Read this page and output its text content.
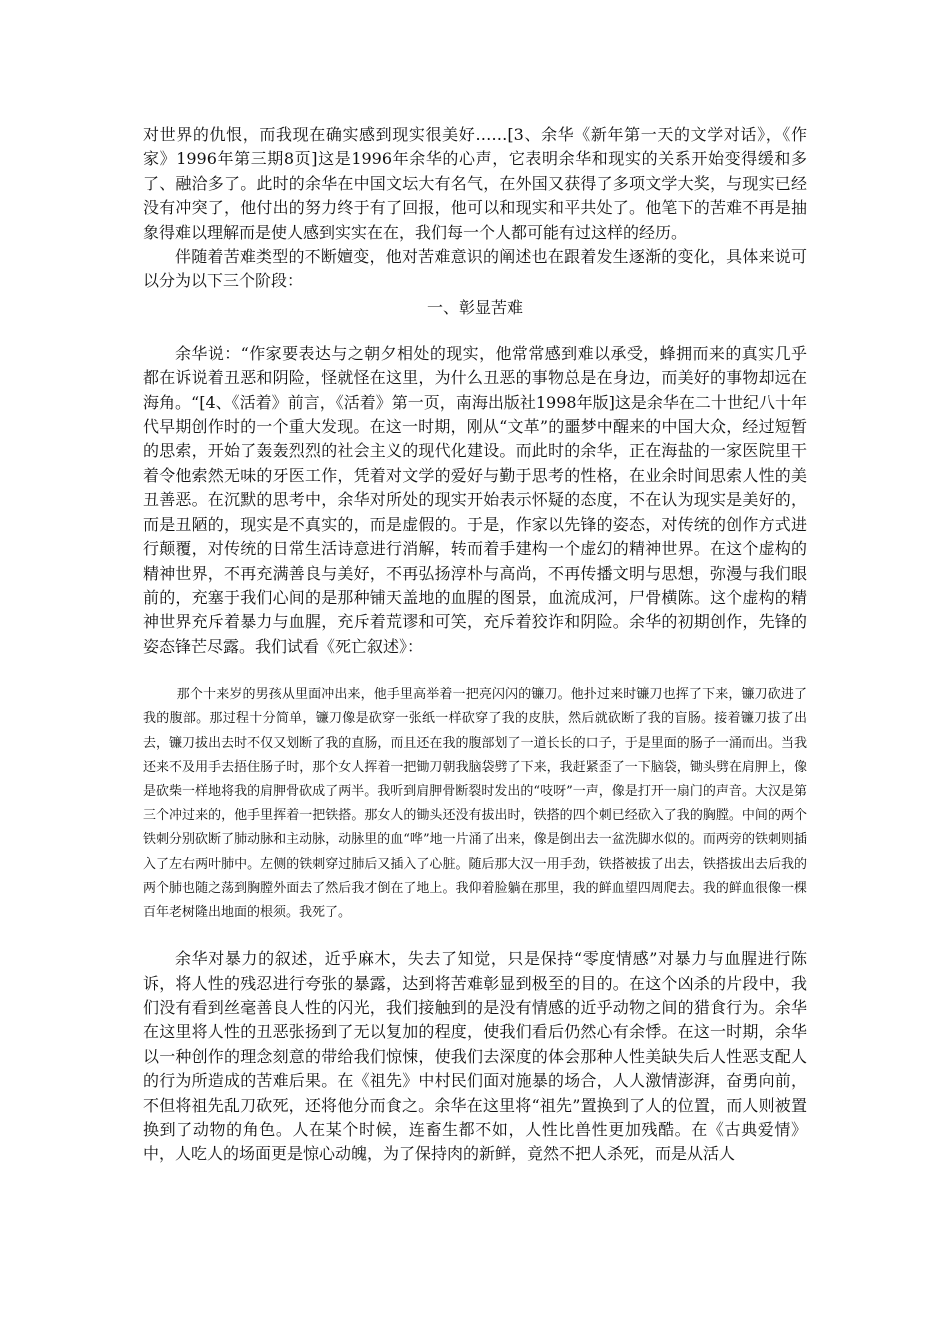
对世界的仇恨，而我现在确实感到现实很美好……[3、余华《新年第一天的文学对话》，《作家》1996年第三期8页]这是1996年余华的心声，它表明余华和现实的关系开始变得缓和多了、融洽多了。此时的余华在中国文坛大有名气，在外国又获得了多项文学大奖，与现实已经没有冲突了，他付出的努力终于有了回报，他可以和现实和平共处了。他笔下的苦难不再是抽象得难以理解而是使人感到实实在在，我们每一个人都可能有过这样的经历。

伴随着苦难类型的不断嬗变，他对苦难意识的阐述也在跟着发生逐渐的变化，具体来说可以分为以下三个阶段：

一、彰显苦难

余华说：“作家要表达与之朝夕相处的现实，他常常感到难以承受，蜂拥而来的真实几乎都在诉说着丑恶和阴险，怪就怪在这里，为什么丑恶的事物总是在身边，而美好的事物却远在海角。“[4、《活着》前言，《活着》第一页，南海出版社1998年版]这是余华在二十世纪八十年代早期创作时的一个重大发现。在这一时期，刚从“文革”的噩梦中醒来的中国大众，经过短暂的思索，开始了轰轰烈烈的社会主义的现代化建设。而此时的余华，正在海盐的一家医院里干着令他索然无味的牙医工作，凭着对文学的爱好与勤于思考的性格，在业余时间思索人性的美丑善恶。在沉默的思考中，余华对所处的现实开始表示怀疑的态度，不在认为现实是美好的，而是丑陋的，现实是不真实的，而是虚假的。于是，作家以先锋的姿态，对传统的创作方式进行颠覆，对传统的日常生活诗意进行消解，转而着手建构一个虚幻的精神世界。在这个虚构的精神世界，不再充满善良与美好，不再弘扬淳朴与高尚，不再传播文明与思想，弥漫与我们眼前的，充塞于我们心间的是那种铺天盖地的血腥的图景，血流成河，尸骨横陈。这个虚构的精神世界充斥着暴力与血腥，充斥着荒谬和可笑，充斥着狡诈和阴险。余华的初期创作，先锋的姿态锋芒尽露。我们试看《死亡叙述》：

那个十来岁的男孩从里面冲出来，他手里高举着一把亮闪闪的镰刀。他扑过来时镰刀也挥了下来，镰刀砍进了我的腹部。那过程十分简单，镰刀像是砍穿一张纸一样砍穿了我的皮肤，然后就砍断了我的盲肠。接着镰刀拔了出去，镰刀拔出去时不仅又划断了我的直肠，而且还在我的腹部划了一道长长的口子，于是里面的肠子一涌而出。当我还来不及用手去捂住肠子时，那个女人挥着一把锄刀朝我脑袋劈了下来，我赶紧歪了一下脑袋，锄头劈在肩胛上，像是砍柴一样地将我的肩胛骨砍成了两半。我听到肩胛骨断裂时发出的“吱呀”一声，像是打开一扇门的声音。大汉是第三个冲过来的，他手里挥着一把铁搭。那女人的锄头还没有拔出时，铁搭的四个刺已经砍入了我的胸膛。中间的两个铁刺分别砍断了肺动脉和主动脉，动脉里的血“哗”地一片涌了出来，像是倒出去一盆洗脚水似的。而两旁的铁刺则插入了左右两叶肺中。左侧的铁刺穿过肺后又插入了心脏。随后那大汉一用手劲，铁搭被拔了出去，铁搭拔出去后我的两个肺也随之荡到胸膛外面去了然后我才倒在了地上。我仰着脸躺在那里，我的鲜血望四周爬去。我的鲜血很像一棵百年老树隆出地面的根须。我死了。

余华对暴力的叙述，近乎麻木，失去了知觉，只是保持“零度情感”对暴力与血腥进行陈诉，将人性的残忍进行夸张的暴露，达到将苦难彰显到极至的目的。在这个凶杀的片段中，我们没有看到丝毫善良人性的闪光，我们接触到的是没有情感的近乎动物之间的猎食行为。余华在这里将人性的丑恶张扬到了无以复加的程度，使我们看后仍然心有余悸。在这一时期，余华以一种创作的理念刻意的带给我们惊悚，使我们去深度的体会那种人性美缺失后人性恶支配人的行为所造成的苦难后果。在《祖先》中村民们面对施暴的场合，人人激情澎湃，奋勇向前，不但将祖先乱刀砍死，还将他分而食之。余华在这里将“祖先”置换到了人的位置，而人则被置换到了动物的角色。人在某个时候，连畜生都不如，人性比兽性更加残酷。在《古典爱情》中，人吃人的场面更是惊心动魄，为了保持肉的新鲜，竟然不把人杀死，而是从活人
